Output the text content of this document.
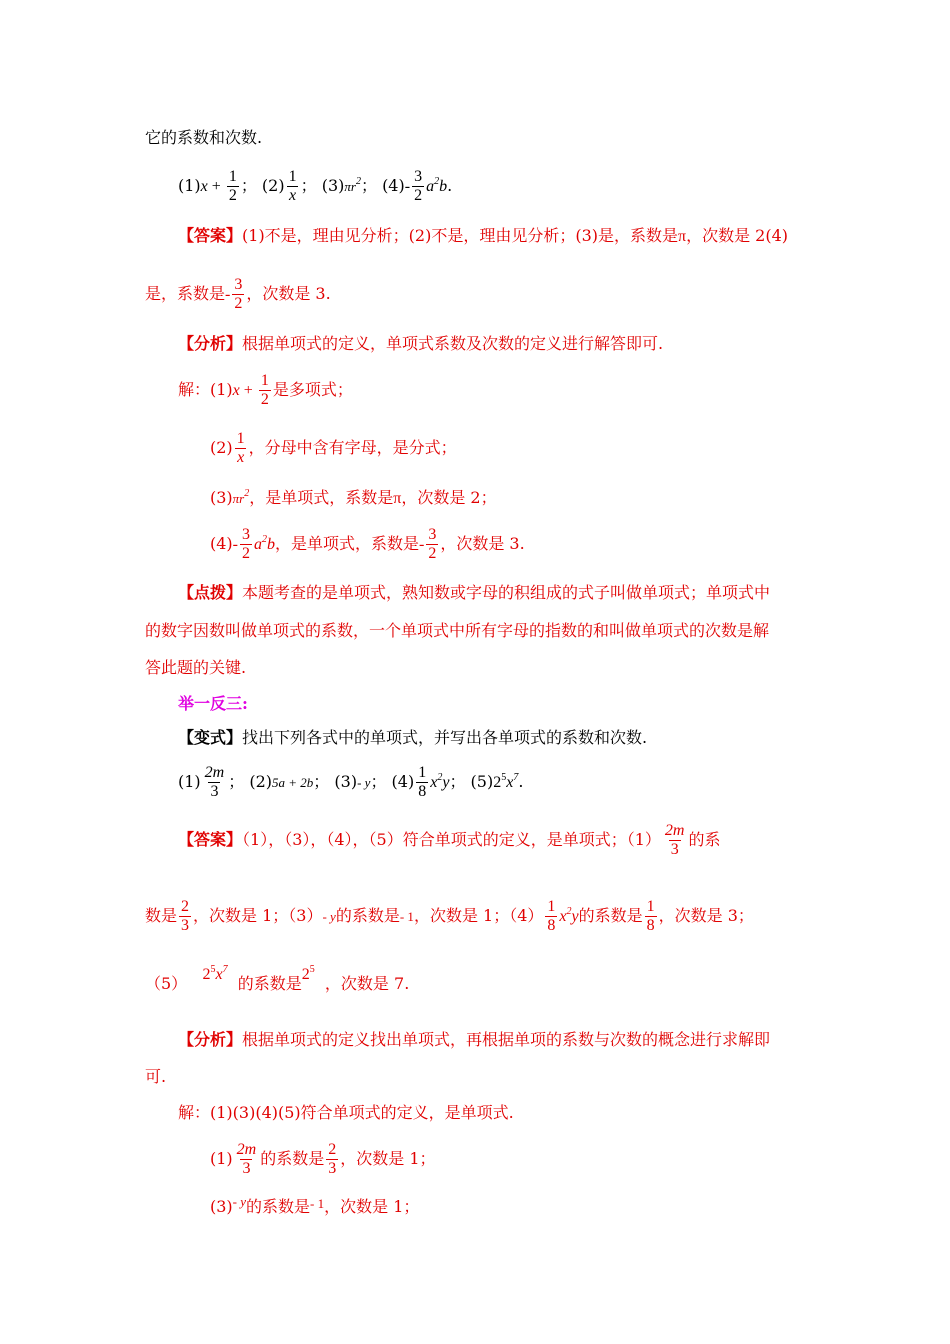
它的系数和次数.
$(1)x + \frac{1}{2}$ ； $(2) \frac{1}{x}$ ； $(3)\pi r^2$； $(4)- \frac{3}{2} a^2b$.
【答案】(1)不是，理由见分析；(2)不是，理由见分析；(3)是，系数是π，次数是 2(4)
是，系数是- $\frac{3}{2}$ ，次数是 3.
【分析】根据单项式的定义，单项式系数及次数的定义进行解答即可.
解：$(1)x + \frac{1}{2}$ 是多项式；
$(2) \frac{1}{x}$ ，分母中含有字母，是分式；
$(3)\pi r^2$，是单项式，系数是π，次数是 2；
$(4)- \frac{3}{2} a^2b$，是单项式，系数是- $\frac{3}{2}$ ，次数是 3.
【点拨】本题考查的是单项式，熟知数或字母的积组成的式子叫做单项式；单项式中
的数字因数叫做单项式的系数，一个单项式中所有字母的指数的和叫做单项式的次数是解
答此题的关键.
举一反三:
【变式】找出下列各式中的单项式，并写出各单项式的系数和次数.
$(1) \frac{2m}{3}$ ； (2)5a + 2b； (3)- y； $(4) \frac{1}{8} x^2y$； $(5)2^5x^7$.
【答案】（1），（3），（4），（5）符合单项式的定义，是单项式；$(1) \frac{2m}{3}$ 的系
数是 $\frac{2}{3}$ ，次数是 1；（3）- y的系数是- 1，次数是 1；$(4) \frac{1}{8} x^2y$的系数是 $\frac{1}{8}$ ，次数是 3；
（5） $2^5x^7$  的系数是$2^5$  ，次数是 7.
【分析】根据单项式的定义找出单项式，再根据单项的系数与次数的概念进行求解即
可.
解：(1)(3)(4)(5)符合单项式的定义，是单项式.
$(1) \frac{2m}{3}$ 的系数是 $\frac{2}{3}$ ，次数是 1；
$(3)^{- y}$的系数是$^{- 1}$，次数是 1；
